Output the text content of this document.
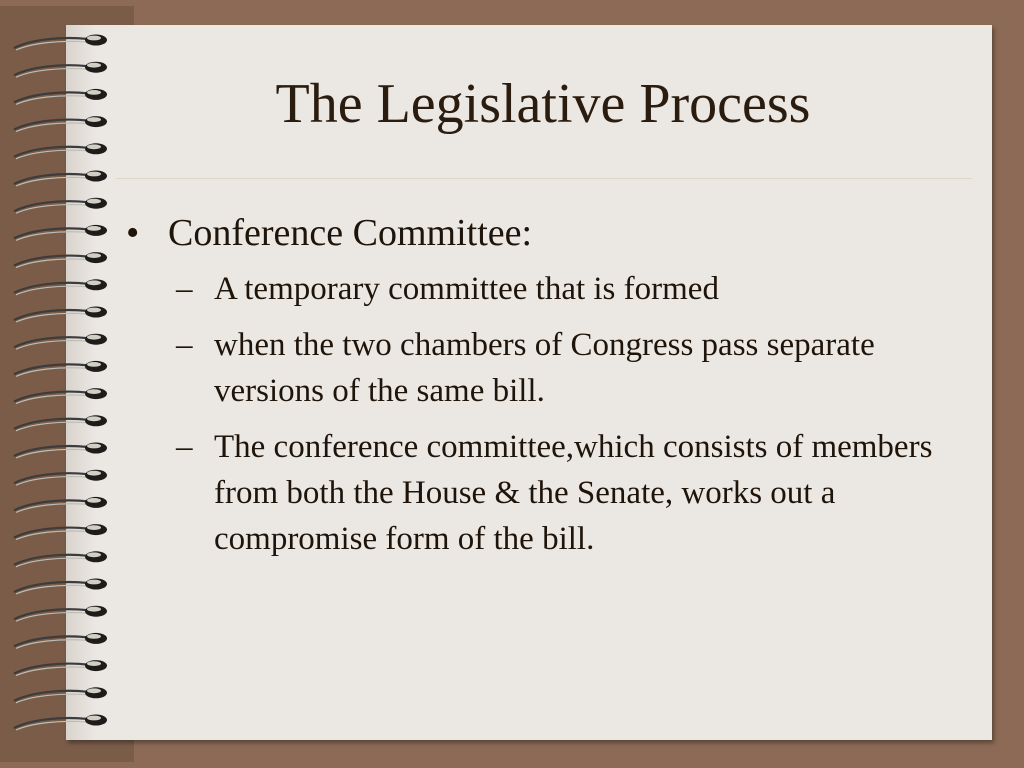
The Legislative Process
• Conference Committee:
– A temporary committee that is formed
– when the two chambers of Congress pass separate versions of the same bill.
– The conference committee,which consists of members from both the House & the Senate, works out a compromise form of the bill.
